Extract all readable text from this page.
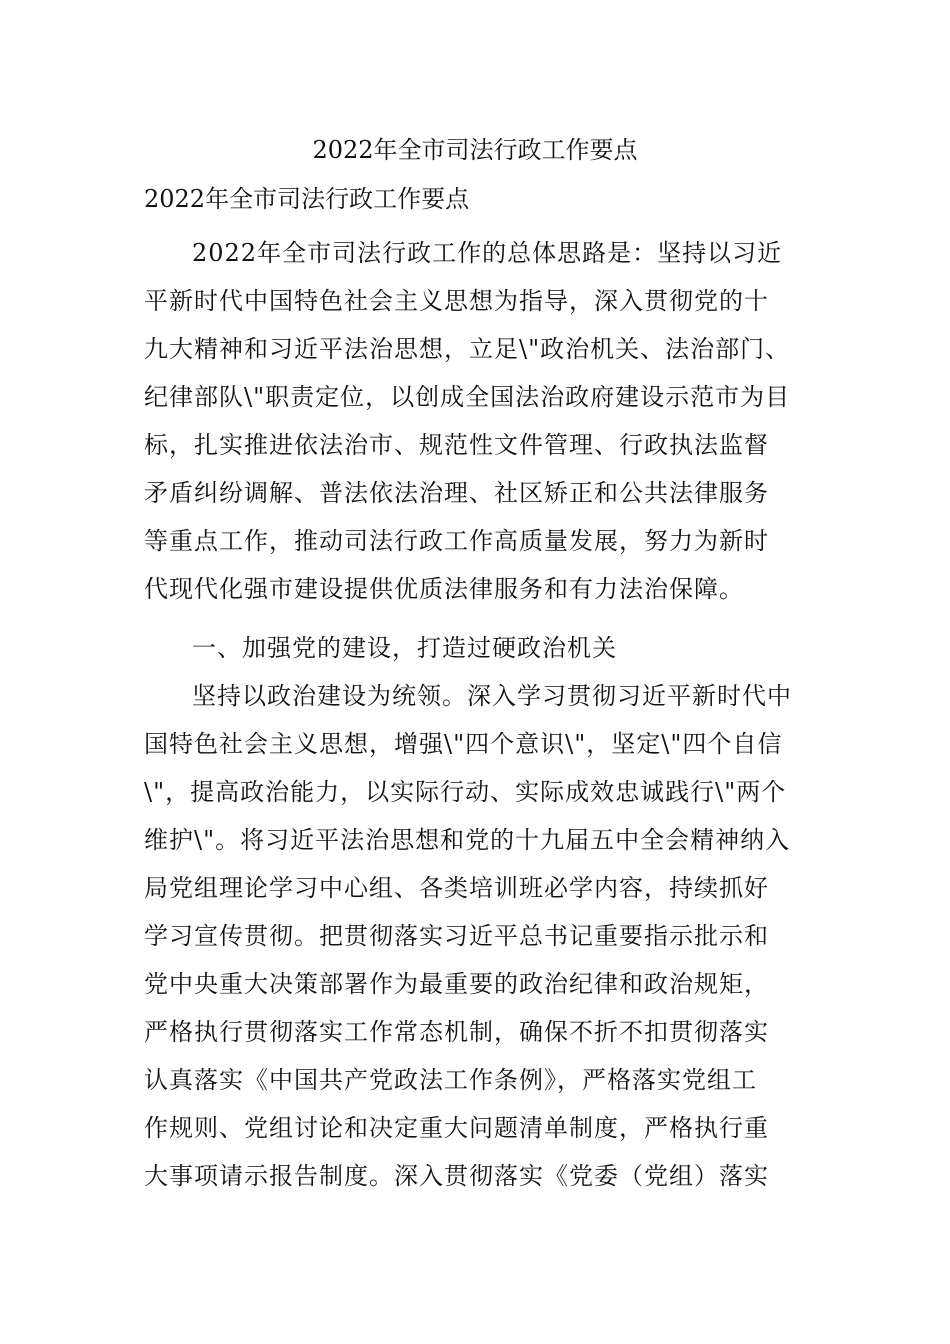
2022年全市司法行政工作要点
2022年全市司法行政工作要点
2022年全市司法行政工作的总体思路是：坚持以习近
平新时代中国特色社会主义思想为指导，深入贯彻党的十
九大精神和习近平法治思想，立足\"政治机关、法治部门、
纪律部队\"职责定位，以创成全国法治政府建设示范市为目
标，扎实推进依法治市、规范性文件管理、行政执法监督
矛盾纠纷调解、普法依法治理、社区矫正和公共法律服务
等重点工作，推动司法行政工作高质量发展，努力为新时
代现代化强市建设提供优质法律服务和有力法治保障。
一、加强党的建设，打造过硬政治机关
坚持以政治建设为统领。深入学习贯彻习近平新时代中
国特色社会主义思想，增强\"四个意识\"，坚定\"四个自信
\"，提高政治能力，以实际行动、实际成效忠诚践行\"两个
维护\"。将习近平法治思想和党的十九届五中全会精神纳入
局党组理论学习中心组、各类培训班必学内容，持续抓好
学习宣传贯彻。把贯彻落实习近平总书记重要指示批示和
党中央重大决策部署作为最重要的政治纪律和政治规矩，
严格执行贯彻落实工作常态机制，确保不折不扣贯彻落实
认真落实《中国共产党政法工作条例》，严格落实党组工
作规则、党组讨论和决定重大问题清单制度，严格执行重
大事项请示报告制度。深入贯彻落实《党委（党组）落实
